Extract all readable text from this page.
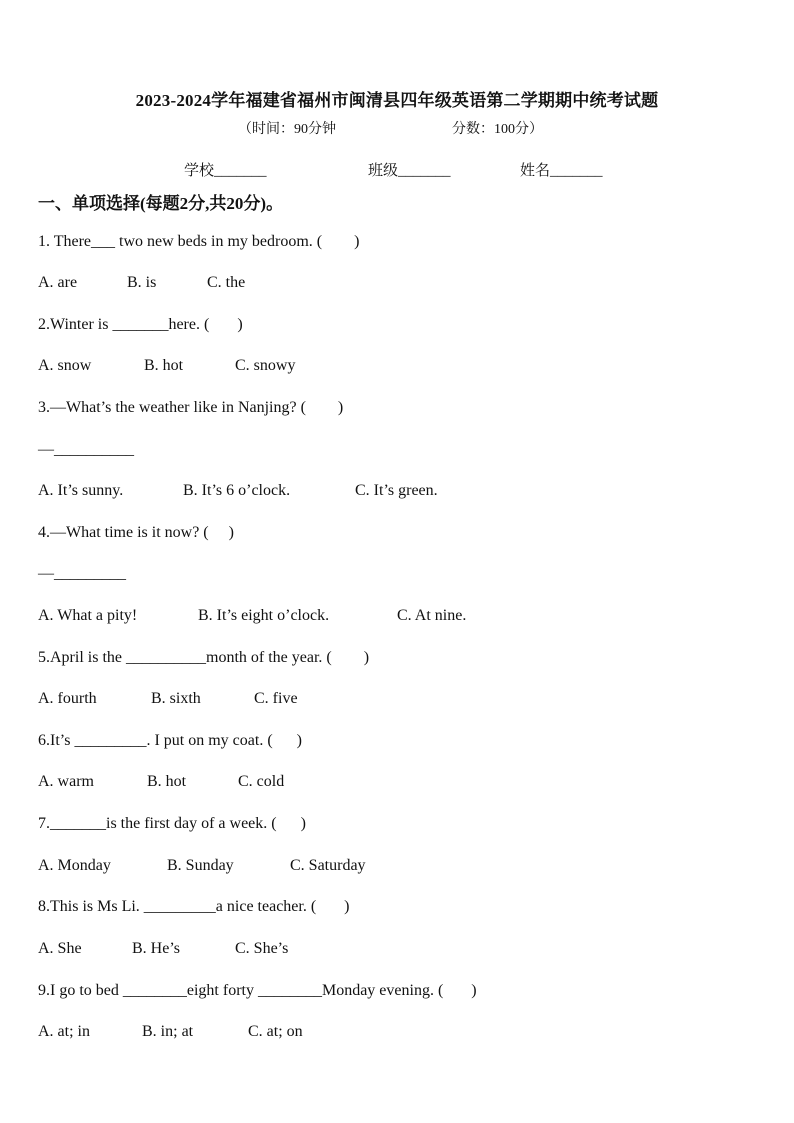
2023-2024学年福建省福州市闽清县四年级英语第二学期期中统考试题
（时间：90分钟	分数：100分）
学校_______	班级_______	姓名_______
一、单项选择(每题2分,共20分)。
1. There___ two new beds in my bedroom. (        )
A. are	B. is	C. the
2.Winter is _______here. (       )
A. snow	B. hot	C. snowy
3.—What’s the weather like in Nanjing? (        )
—__________
A. It’s sunny.	B. It’s 6 o’clock.	C. It’s green.
4.—What time is it now? (     )
—_________
A. What a pity!	B. It’s eight o’clock.	C. At nine.
5.April is the __________month of the year. (        )
A. fourth	B. sixth	C. five
6.It’s _________. I put on my coat. (      )
A. warm	B. hot	C. cold
7._______is the first day of a week. (      )
A. Monday	B. Sunday	C. Saturday
8.This is Ms Li. _________a nice teacher. (       )
A. She	B. He’s	C. She’s
9.I go to bed ________eight forty ________Monday evening. (       )
A. at; in	B. in; at	C. at; on
